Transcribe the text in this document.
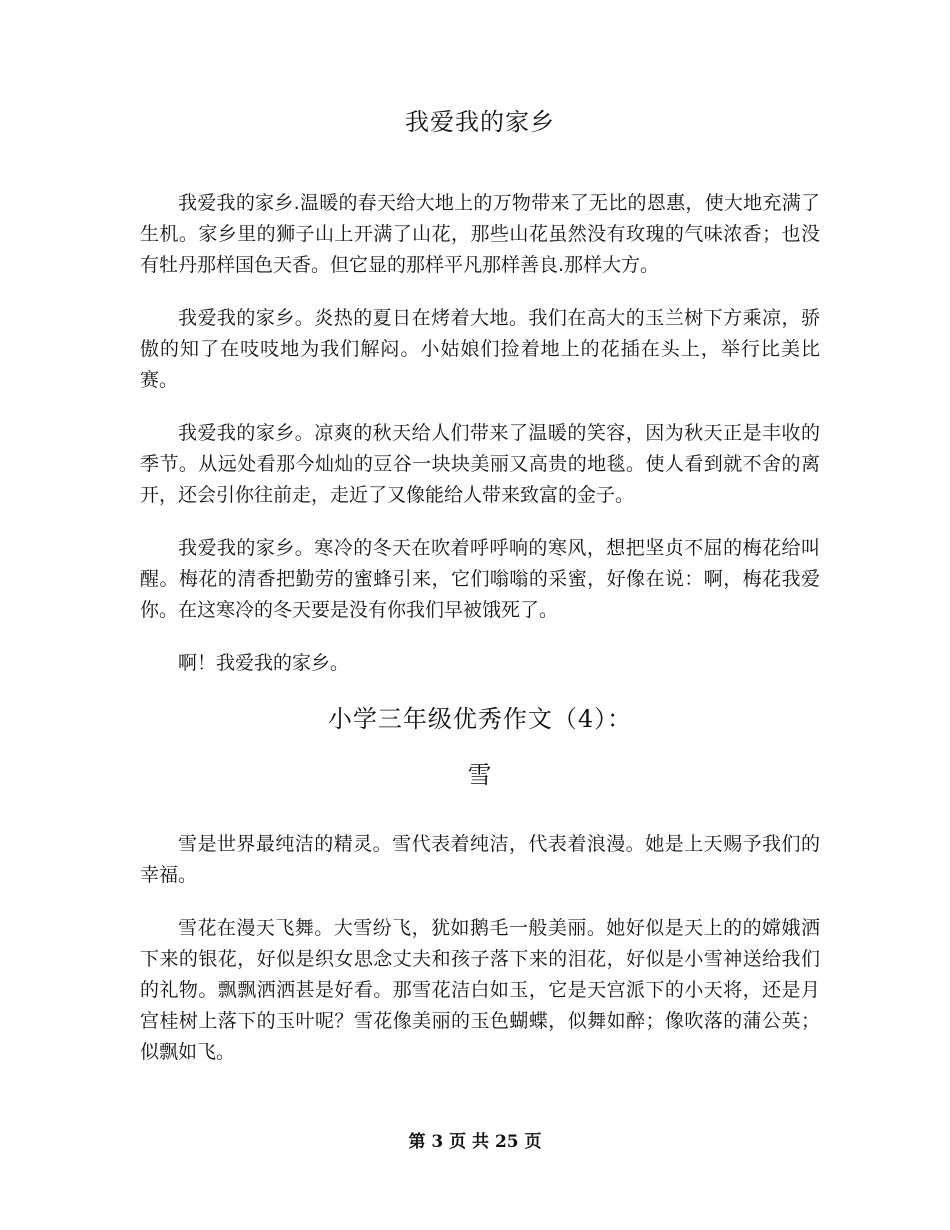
我爱我的家乡

我爱我的家乡.温暖的春天给大地上的万物带来了无比的恩惠，使大地充满了生机。家乡里的狮子山上开满了山花，那些山花虽然没有玫瑰的气味浓香；也没有牡丹那样国色天香。但它显的那样平凡那样善良.那样大方。

我爱我的家乡。炎热的夏日在烤着大地。我们在高大的玉兰树下方乘凉，骄傲的知了在吱吱地为我们解闷。小姑娘们捡着地上的花插在头上，举行比美比赛。

我爱我的家乡。凉爽的秋天给人们带来了温暖的笑容，因为秋天正是丰收的季节。从远处看那今灿灿的豆谷一块块美丽又高贵的地毯。使人看到就不舍的离开，还会引你往前走，走近了又像能给人带来致富的金子。

我爱我的家乡。寒冷的冬天在吹着呼呼响的寒风，想把坚贞不屈的梅花给叫醒。梅花的清香把勤劳的蜜蜂引来，它们嗡嗡的采蜜，好像在说：啊，梅花我爱你。在这寒冷的冬天要是没有你我们早被饿死了。

啊！我爱我的家乡。

小学三年级优秀作文（4）：
雪

雪是世界最纯洁的精灵。雪代表着纯洁，代表着浪漫。她是上天赐予我们的幸福。

雪花在漫天飞舞。大雪纷飞，犹如鹅毛一般美丽。她好似是天上的的嫦娥洒下来的银花，好似是织女思念丈夫和孩子落下来的泪花，好似是小雪神送给我们的礼物。飘飘洒洒甚是好看。那雪花洁白如玉，它是天宫派下的小天将，还是月宫桂树上落下的玉叶呢？雪花像美丽的玉色蝴蝶，似舞如醉；像吹落的蒲公英；似飘如飞。

第 3 页 共 25 页
